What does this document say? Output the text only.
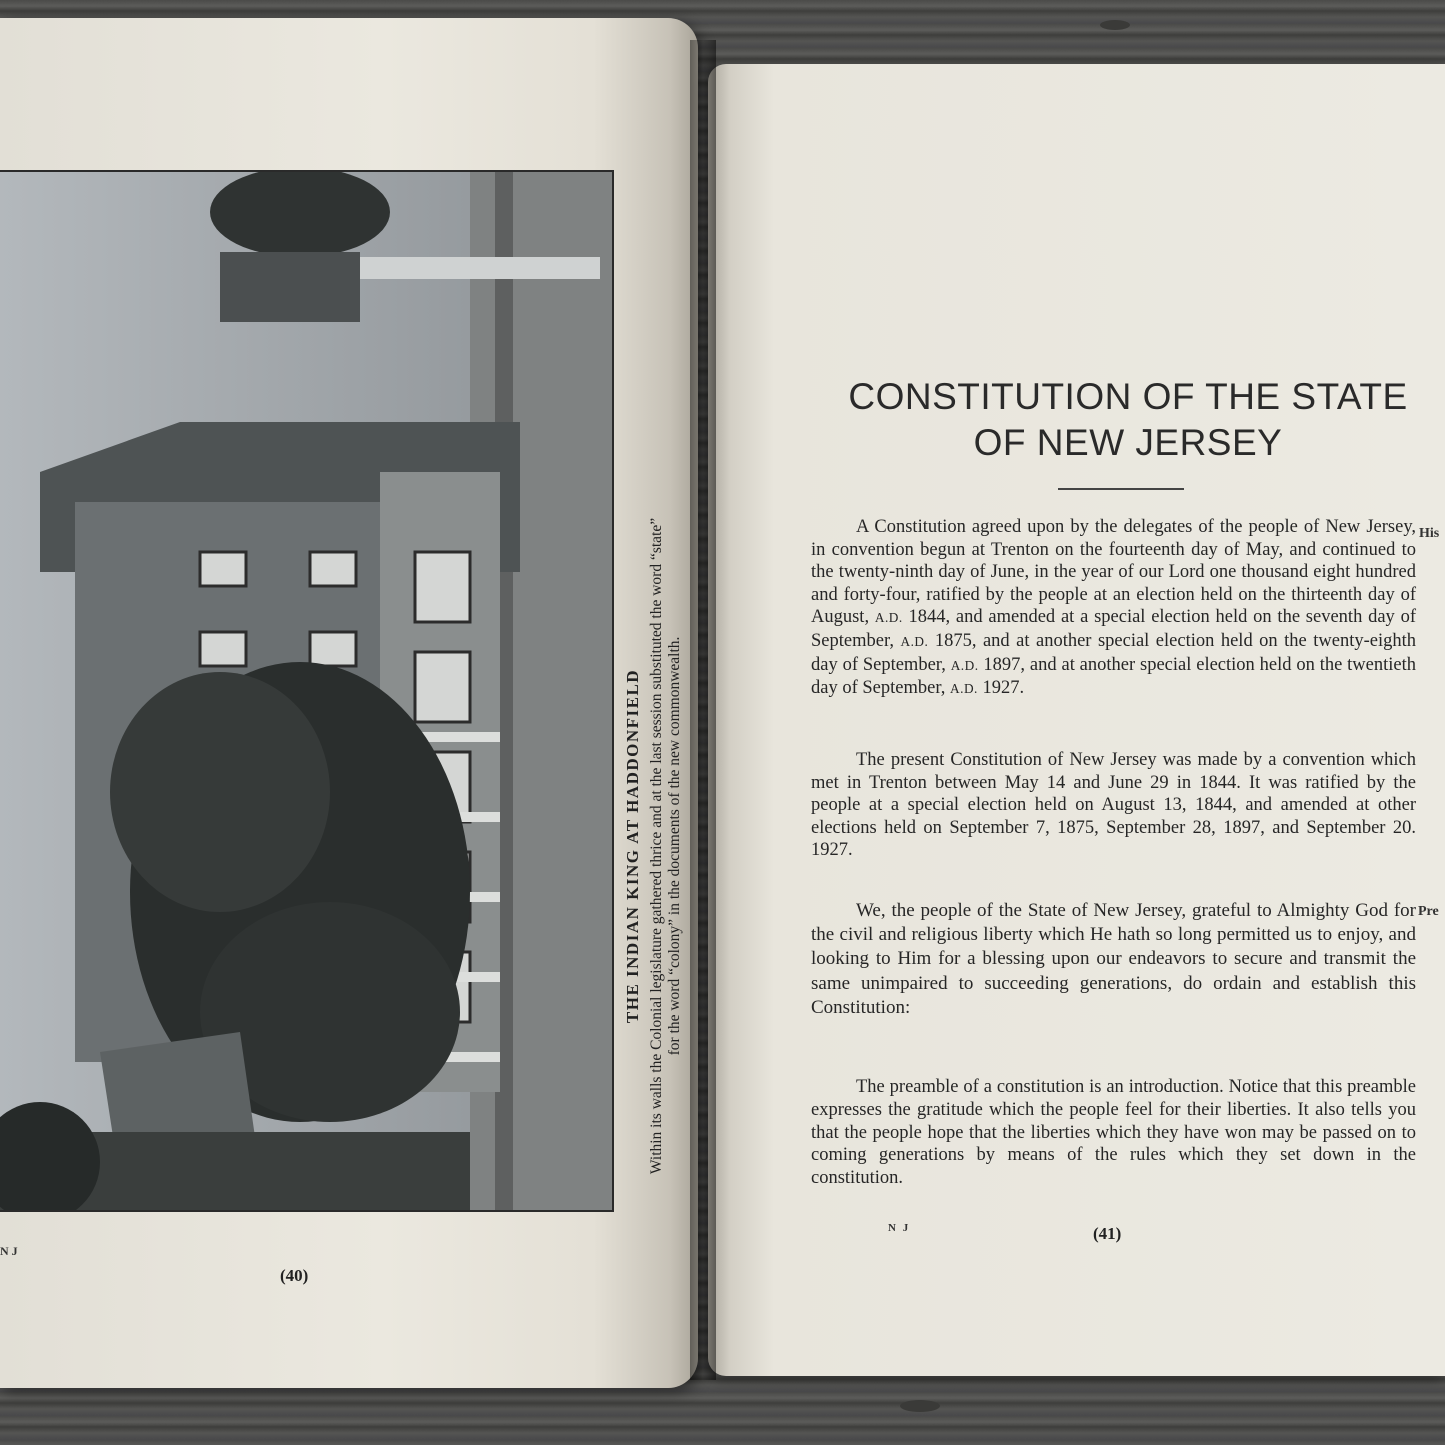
THE INDIAN KING AT HADDONFIELD Within its walls the Colonial legislature gathered thrice and at the last session substituted the word “state” for the word “colony” in the documents of the new commonwealth.
N J
(40)
CONSTITUTION OF THE STATE
OF NEW JERSEY
A Constitution agreed upon by the delegates of the people of New Jersey, in convention begun at Trenton on the fourteenth day of May, and continued to the twenty-ninth day of June, in the year of our Lord one thousand eight hundred and forty-four, ratified by the people at an election held on the thirteenth day of August, A.D. 1844, and amended at a special election held on the seventh day of September, A.D. 1875, and at another special election held on the twenty-eighth day of September, A.D. 1897, and at another special election held on the twentieth day of September, A.D. 1927.
The present Constitution of New Jersey was made by a convention which met in Trenton between May 14 and June 29 in 1844. It was ratified by the people at a special election held on August 13, 1844, and amended at other elections held on September 7, 1875, September 28, 1897, and September 20. 1927.
We, the people of the State of New Jersey, grateful to Almighty God for the civil and religious liberty which He hath so long permitted us to enjoy, and looking to Him for a blessing upon our endeavors to secure and transmit the same unimpaired to succeeding generations, do ordain and establish this Constitution:
The preamble of a constitution is an introduction. Notice that this preamble expresses the gratitude which the people feel for their liberties. It also tells you that the people hope that the liberties which they have won may be passed on to coming generations by means of the rules which they set down in the constitution.
His
Pre
N J	(41)
